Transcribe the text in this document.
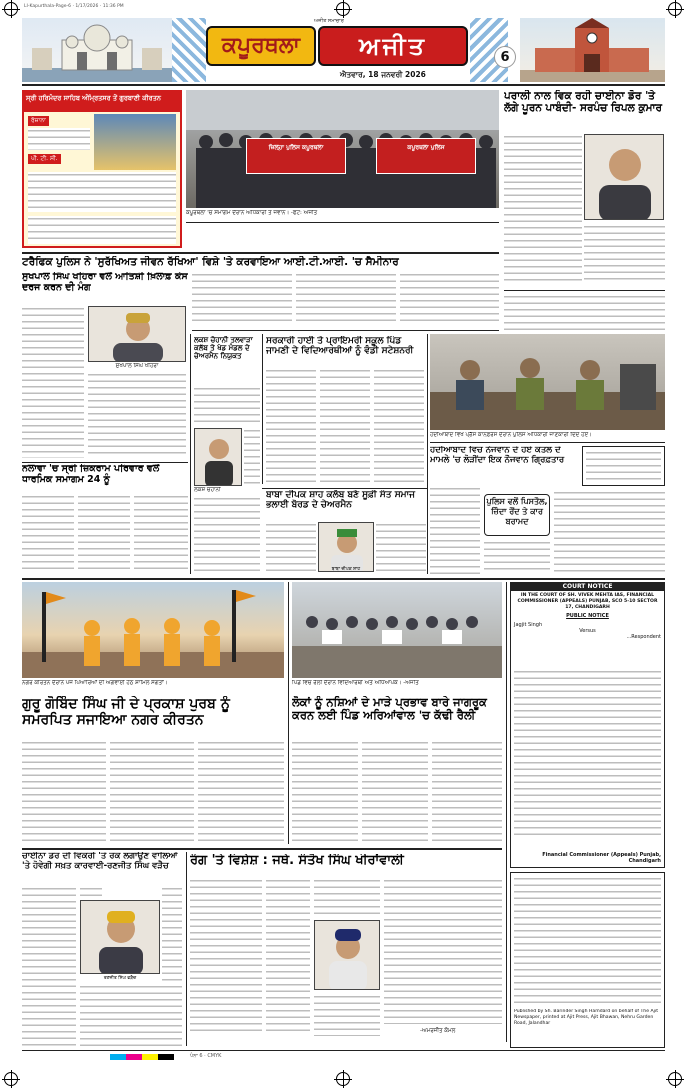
LI-Kapurthala-Page-6 · 1/17/2026 · 11:36 PM
ਅਜੀਤ ਸਮਾਚਾਰ
ਕਪੂਰਥਲਾ	ਅਜੀਤ
ਐਤਵਾਰ, 18 ਜਨਵਰੀ 2026
6
ਸ੍ਰੀ ਹਰਿਮੰਦਰ ਸਾਹਿਬ ਅੰਮ੍ਰਿਤਸਰ ਤੋਂ ਗੁਰਬਾਣੀ ਕੀਰਤਨ
ਰੋਜ਼ਾਨਾ
ਪੀ. ਟੀ. ਸੀ.
ਜ਼ਿਲ੍ਹਾ ਪੁਲਿਸ ਕਪੂਰਥਲਾ	ਕਪੂਰਥਲਾ ਪੁਲਿਸ
ਕਪੂਰਥਲਾ 'ਚ ਸਮਾਗਮ ਦੌਰਾਨ ਅਧਿਕਾਰੀ ਤੇ ਜਵਾਨ। -ਫੋਟੋ: ਅਜੀਤ
ਪਰਾਲੀ ਨਾਲ ਵਿਕ ਰਹੀ ਚਾਈਨਾ ਡੋਰ 'ਤੇ ਲੱਗੇ ਪੂਰਨ ਪਾਬੰਦੀ- ਸਰਪੰਚ ਰਿਪਲ ਕੁਮਾਰ
ਟਰੈਫਿਕ ਪੁਲਿਸ ਨੇ 'ਸੁਰੱਖਿਅਤ ਜੀਵਨ ਰੱਖਿਆ' ਵਿਸ਼ੇ 'ਤੇ ਕਰਵਾਇਆ ਆਈ.ਟੀ.ਆਈ. 'ਚ ਸੈਮੀਨਾਰ
ਸੁਖਪਾਲ ਸਿੰਘ ਖਹਿਰਾ ਵਲੋਂ ਆਤਿਸ਼ੀ ਖ਼ਿਲਾਫ਼ ਕੇਸ ਦਰਜ ਕਰਨ ਦੀ ਮੰਗ
ਸੁਖਪਾਲ ਸਿੰਘ ਖਹਿਰਾ
ਨਲਾਵਾ 'ਚ ਸ੍ਰੀ ਜ਼ਿਕਰਾਮ ਪਰਿਵਾਰ ਵਲੋਂ ਧਾਰਮਿਕ ਸਮਾਗਮ 24 ਨੂੰ
ਲਕਸ਼ ਚੋਹਾਨੀ ਤਲਵਾੜਾ ਕਲੱਬ ਤੇ ਖੇਡ ਮੰਡਲ ਦੇ ਚੇਅਰਮੈਨ ਨਿਯੁਕਤ
ਲਕਸ਼ ਚੋਹਾਨੀ
ਸਰਕਾਰੀ ਹਾਈ ਤੇ ਪ੍ਰਾਇਮਰੀ ਸਕੂਲ ਪਿੰਡ ਜਾਮਣੀ ਦੇ ਵਿਦਿਆਰਥੀਆਂ ਨੂੰ ਵੰਡੀ ਸਟੇਸ਼ਨਰੀ
ਹਦੀਆਬਾਦ ਵਿਖੇ ਪ੍ਰੈੱਸ ਕਾਨਫ਼ਰੰਸ ਦੌਰਾਨ ਪੁਲਿਸ ਅਧਿਕਾਰੀ ਜਾਣਕਾਰੀ ਦਿੰਦੇ ਹੋਏ।
ਹਦੀਆਬਾਦ ਵਿਚ ਨੌਜਵਾਨ ਦੇ ਹੋਏ ਕਤਲ ਦੇ ਮਾਮਲੇ 'ਚ ਲੋੜੀਂਦਾ ਇਕ ਨੌਜਵਾਨ ਗ੍ਰਿਫ਼ਤਾਰ
ਪੁਲਿਸ ਵਲੋਂ ਪਿਸਤੌਲ, ਜ਼ਿੰਦਾ ਰੌਂਦ ਤੇ ਕਾਰ ਬਰਾਮਦ
ਬਾਬਾ ਦੀਪਕ ਸ਼ਾਹ ਕਲੱਬ ਬਣੇ ਸੂਫ਼ੀ ਸੰਤ ਸਮਾਜ ਭਲਾਈ ਬੋਰਡ ਦੇ ਚੇਅਰਮੈਨ
ਬਾਬਾ ਦੀਪਕ ਸ਼ਾਹ
ਨਗਰ ਕੀਰਤਨ ਦੌਰਾਨ ਪੰਜ ਪਿਆਰਿਆਂ ਦੀ ਅਗਵਾਈ ਹੇਠ ਸ਼ਾਮਿਲ ਸੰਗਤਾਂ।
ਗੁਰੂ ਗੋਬਿੰਦ ਸਿੰਘ ਜੀ ਦੇ ਪ੍ਰਕਾਸ਼ ਪੁਰਬ ਨੂੰ ਸਮਰਪਿਤ ਸਜਾਇਆ ਨਗਰ ਕੀਰਤਨ
ਪਿੰਡ ਵਿਚ ਰੈਲੀ ਦੌਰਾਨ ਵਿਦਿਆਰਥੀ ਅਤੇ ਅਧਿਆਪਕ। -ਅਜੀਤ
ਲੋਕਾਂ ਨੂੰ ਨਸ਼ਿਆਂ ਦੇ ਮਾੜੇ ਪ੍ਰਭਾਵ ਬਾਰੇ ਜਾਗਰੂਕ ਕਰਨ ਲਈ ਪਿੰਡ ਅਰਿਆਂਵਾਲ 'ਚ ਕੱਢੀ ਰੈਲੀ
COURT NOTICE
IN THE COURT OF SH. VIVEK MEHTA IAS, FINANCIAL COMMISSIONER (APPEALS) PUNJAB, SCO 5-10 SECTOR 17, CHANDIGARH
PUBLIC NOTICE
Jagjit Singh
Versus
...Respondent
Financial Commissioner (Appeals) Punjab, Chandigarh
ਚਾਈਨਾ ਡੋਰ ਦੀ ਵਿਕਰੀ 'ਤੇ ਰੋਕ ਲਗਾਉਣ ਵਾਲਿਆਂ 'ਤੇ ਹੋਵੇਗੀ ਸਖ਼ਤ ਕਾਰਵਾਈ-ਰਣਜੀਤ ਸਿੰਘ ਵੜੈਚ
ਰਣਜੀਤ ਸਿੰਘ ਵੜੈਚ
ਰੰਗ 'ਤੇ ਵਿਸ਼ੇਸ਼ : ਜਥੇ. ਸੰਤੋਖ ਸਿੰਘ ਖੀਰਾਂਵਾਲੀ
-ਅਮਰਜੀਤ ਕੋਮਲ
Published by Sh. Barinder Singh Hamdard on behalf of The Ajit Newspaper, printed at Ajit Press, Ajit Bhawan, Nehru Garden Road, Jalandhar
ਪੰਨਾ 6 · CMYK
